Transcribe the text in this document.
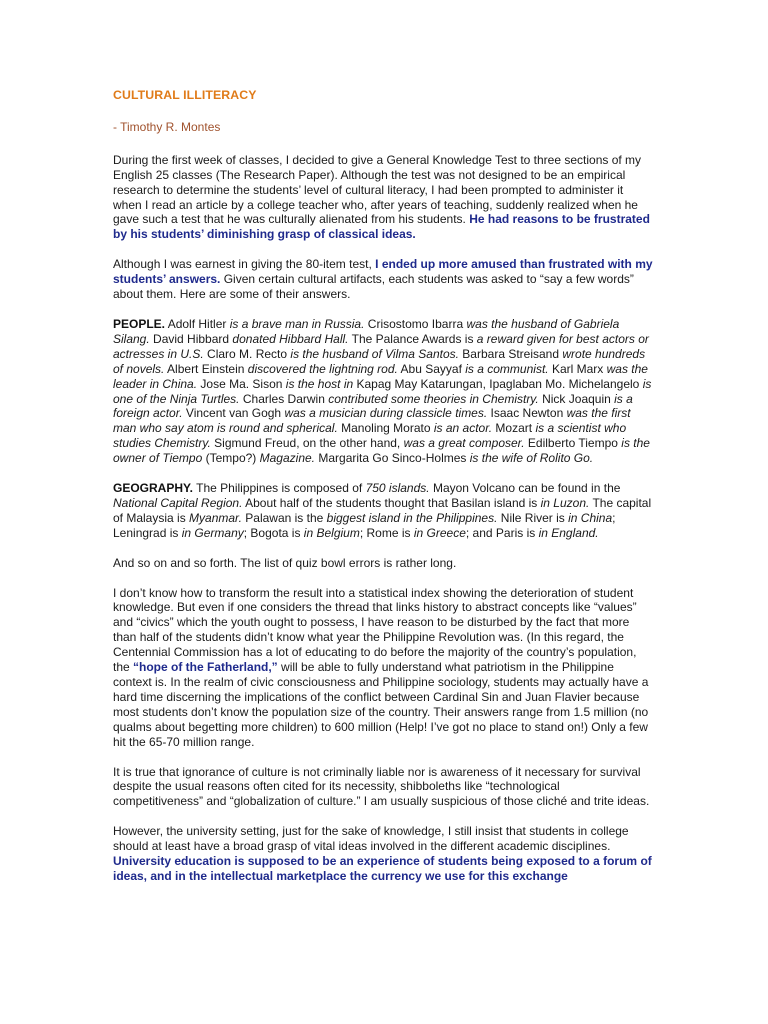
CULTURAL ILLITERACY
- Timothy R. Montes

During the first week of classes, I decided to give a General Knowledge Test to three sections of my English 25 classes (The Research Paper). Although the test was not designed to be an empirical research to determine the students’ level of cultural literacy, I had been prompted to administer it when I read an article by a college teacher who, after years of teaching, suddenly realized when he gave such a test that he was culturally alienated from his students. He had reasons to be frustrated by his students’ diminishing grasp of classical ideas.

Although I was earnest in giving the 80-item test, I ended up more amused than frustrated with my students’ answers. Given certain cultural artifacts, each students was asked to “say a few words” about them. Here are some of their answers.

PEOPLE. Adolf Hitler is a brave man in Russia. Crisostomo Ibarra was the husband of Gabriela Silang. David Hibbard donated Hibbard Hall. The Palance Awards is a reward given for best actors or actresses in U.S. Claro M. Recto is the husband of Vilma Santos. Barbara Streisand wrote hundreds of novels. Albert Einstein discovered the lightning rod. Abu Sayyaf is a communist. Karl Marx was the leader in China. Jose Ma. Sison is the host in Kapag May Katarungan, Ipaglaban Mo. Michelangelo is one of the Ninja Turtles. Charles Darwin contributed some theories in Chemistry. Nick Joaquin is a foreign actor. Vincent van Gogh was a musician during classicle times. Isaac Newton was the first man who say atom is round and spherical. Manoling Morato is an actor. Mozart is a scientist who studies Chemistry. Sigmund Freud, on the other hand, was a great composer. Edilberto Tiempo is the owner of Tiempo (Tempo?) Magazine. Margarita Go Sinco-Holmes is the wife of Rolito Go.

GEOGRAPHY. The Philippines is composed of 750 islands. Mayon Volcano can be found in the National Capital Region. About half of the students thought that Basilan island is in Luzon. The capital of Malaysia is Myanmar. Palawan is the biggest island in the Philippines. Nile River is in China; Leningrad is in Germany; Bogota is in Belgium; Rome is in Greece; and Paris is in England.

And so on and so forth. The list of quiz bowl errors is rather long.

I don’t know how to transform the result into a statistical index showing the deterioration of student knowledge. But even if one considers the thread that links history to abstract concepts like “values” and “civics” which the youth ought to possess, I have reason to be disturbed by the fact that more than half of the students didn’t know what year the Philippine Revolution was. (In this regard, the Centennial Commission has a lot of educating to do before the majority of the country’s population, the “hope of the Fatherland,” will be able to fully understand what patriotism in the Philippine context is. In the realm of civic consciousness and Philippine sociology, students may actually have a hard time discerning the implications of the conflict between Cardinal Sin and Juan Flavier because most students don’t know the population size of the country. Their answers range from 1.5 million (no qualms about begetting more children) to 600 million (Help! I’ve got no place to stand on!) Only a few hit the 65-70 million range.

It is true that ignorance of culture is not criminally liable nor is awareness of it necessary for survival despite the usual reasons often cited for its necessity, shibboleths like “technological competitiveness” and “globalization of culture.” I am usually suspicious of those cliché and trite ideas.

However, the university setting, just for the sake of knowledge, I still insist that students in college should at least have a broad grasp of vital ideas involved in the different academic disciplines. University education is supposed to be an experience of students being exposed to a forum of ideas, and in the intellectual marketplace the currency we use for this exchange
